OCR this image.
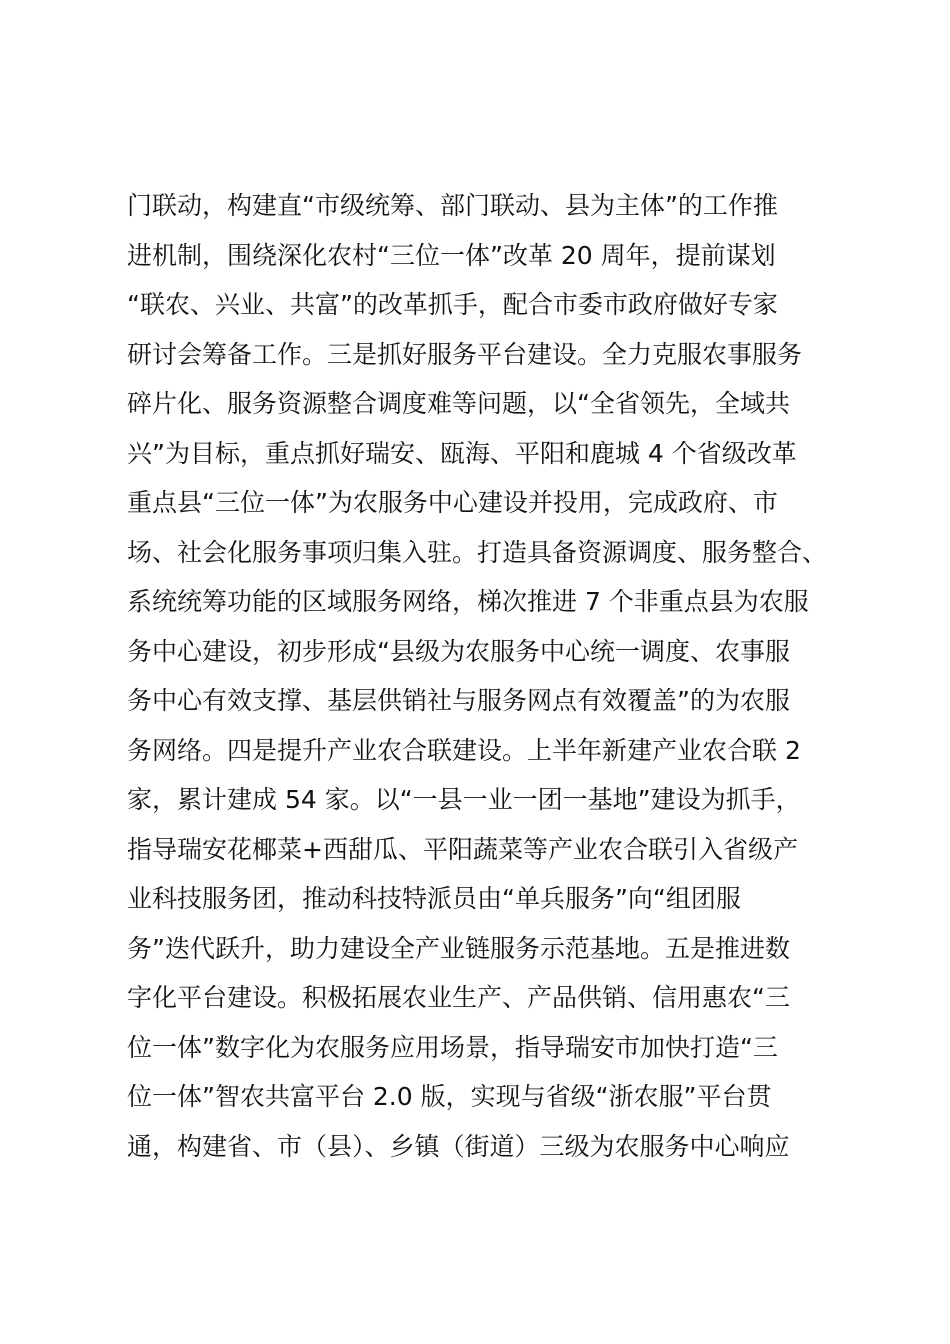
门联动，构建直“市级统筹、部门联动、县为主体”的工作推
进机制，围绕深化农村“三位一体”改革 20 周年，提前谋划
“联农、兴业、共富”的改革抓手，配合市委市政府做好专家
研讨会筹备工作。三是抓好服务平台建设。全力克服农事服务
碎片化、服务资源整合调度难等问题，以“全省领先，全域共
兴”为目标，重点抓好瑞安、瓯海、平阳和鹿城 4 个省级改革
重点县“三位一体”为农服务中心建设并投用，完成政府、市
场、社会化服务事项归集入驻。打造具备资源调度、服务整合、
系统统筹功能的区域服务网络，梯次推进 7 个非重点县为农服
务中心建设，初步形成“县级为农服务中心统一调度、农事服
务中心有效支撑、基层供销社与服务网点有效覆盖”的为农服
务网络。四是提升产业农合联建设。上半年新建产业农合联 2
家，累计建成 54 家。以“一县一业一团一基地”建设为抓手，
指导瑞安花椰菜+西甜瓜、平阳蔬菜等产业农合联引入省级产
业科技服务团，推动科技特派员由“单兵服务”向“组团服
务”迭代跃升，助力建设全产业链服务示范基地。五是推进数
字化平台建设。积极拓展农业生产、产品供销、信用惠农“三
位一体”数字化为农服务应用场景，指导瑞安市加快打造“三
位一体”智农共富平台 2.0 版，实现与省级“浙农服”平台贯
通，构建省、市（县）、乡镇（街道）三级为农服务中心响应
